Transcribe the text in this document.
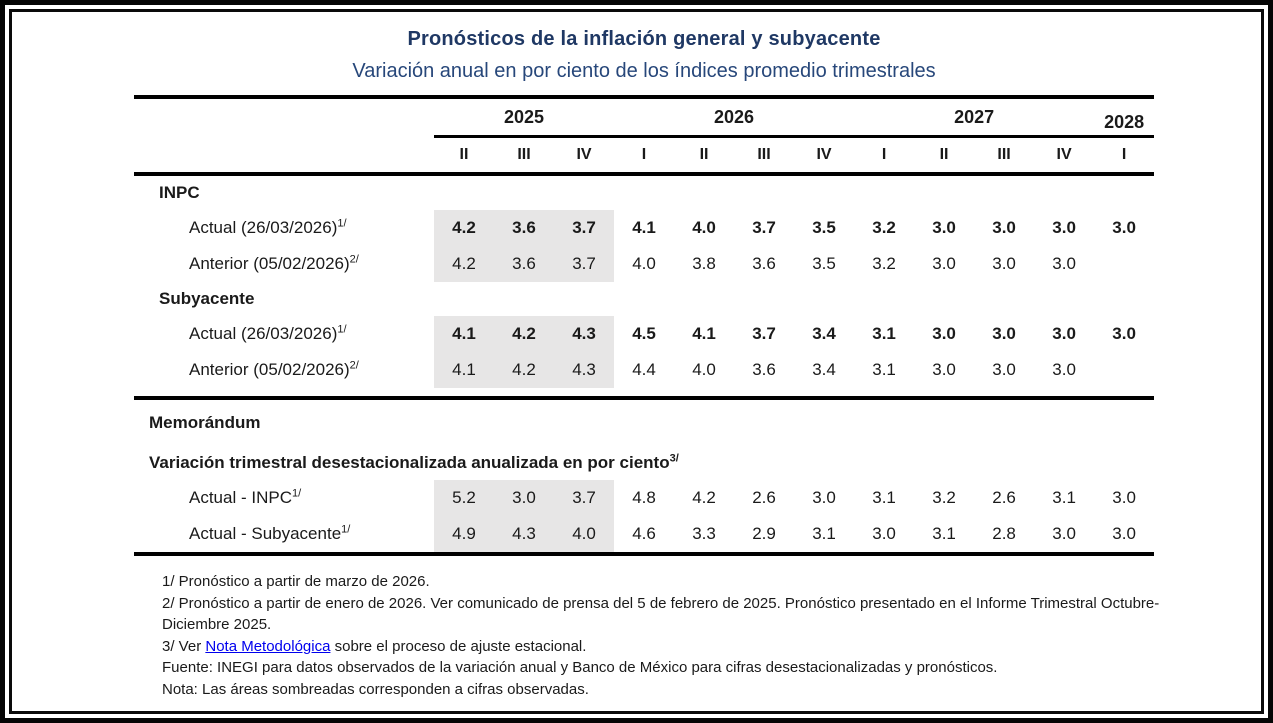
Pronósticos de la inflación general y subyacente
Variación anual en por ciento de los índices promedio trimestrales
	2025			2026				2027				2028
	II	III	IV	I	II	III	IV	I	II	III	IV	I
INPC												
Actual $(26/03/2026)^{1/}$	4.2	3.6	3.7	4.1	4.0	3.7	3.5	3.2	3.0	3.0	3.0	3.0
Anterior $(05/02/2026)^{2/}$	4.2	3.6	3.7	4.0	3.8	3.6	3.5	3.2	3.0	3.0	3.0	
Subyacente												
Actual $(26/03/2026)^{1/}$	4.1	4.2	4.3	4.5	4.1	3.7	3.4	3.1	3.0	3.0	3.0	3.0
Anterior $(05/02/2026)^{2/}$	4.1	4.2	4.3	4.4	4.0	3.6	3.4	3.1	3.0	3.0	3.0	

Memorándum												
Variación trimestral desestacionalizada anualizada en por ciento$^{3/}$
Actual - $INPC^{1/}$	5.2	3.0	3.7	4.8	4.2	2.6	3.0	3.1	3.2	2.6	3.1	3.0
Actual - Subyacente$^{1/}$	4.9	4.3	4.0	4.6	3.3	2.9	3.1	3.0	3.1	2.8	3.0	3.0
1/ Pronóstico a partir de marzo de 2026.
2/ Pronóstico a partir de enero de 2026. Ver comunicado de prensa del 5 de febrero de 2025. Pronóstico presentado en el Informe Trimestral Octubre-Diciembre 2025.
3/ Ver Nota Metodológica sobre el proceso de ajuste estacional.
Fuente: INEGI para datos observados de la variación anual y Banco de México para cifras desestacionalizadas y pronósticos.
Nota: Las áreas sombreadas corresponden a cifras observadas.
